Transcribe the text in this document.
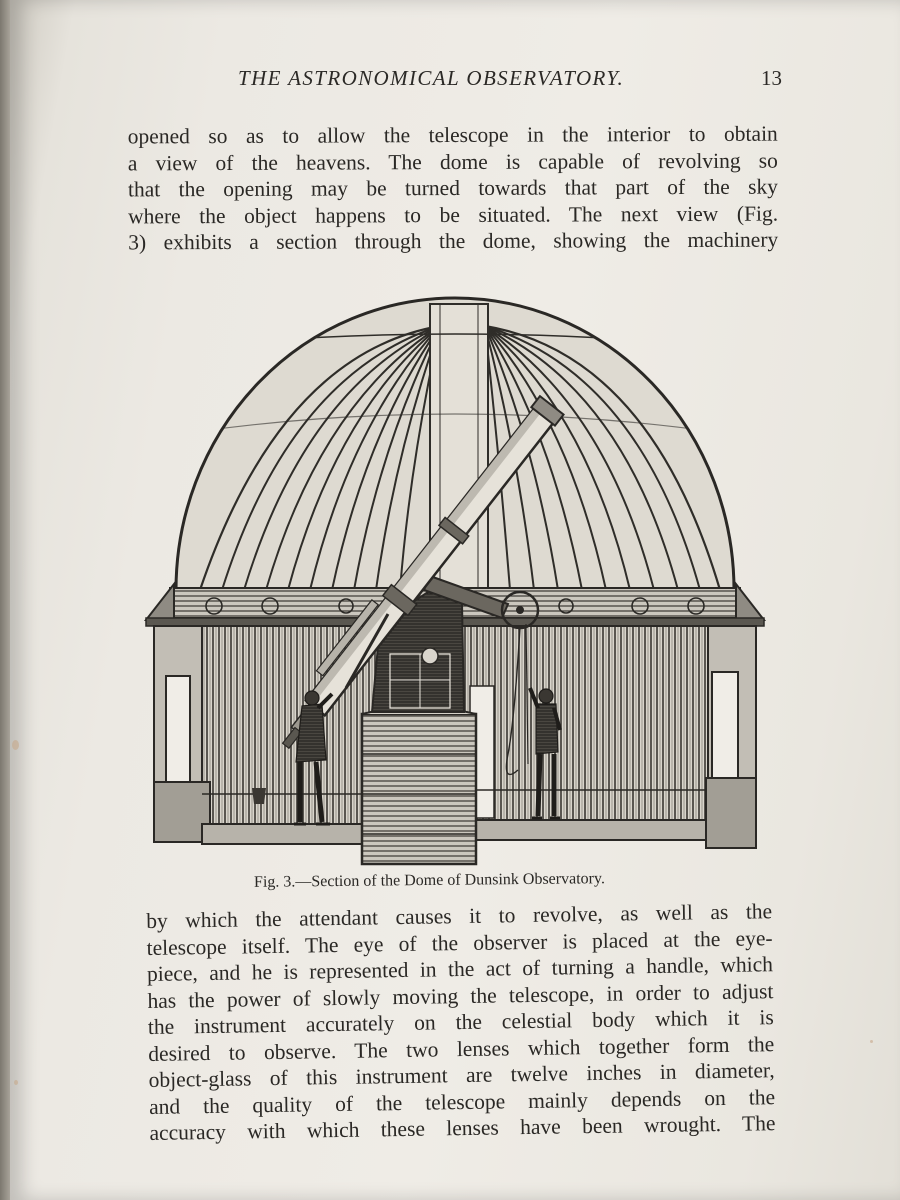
THE ASTRONOMICAL OBSERVATORY.	13
opened so as to allow the telescope in the interior to obtain
a view of the heavens. The dome is capable of revolving so
that the opening may be turned towards that part of the sky
where the object happens to be situated. The next view (Fig.
3) exhibits a section through the dome, showing the machinery
Fig. 3.—Section of the Dome of Dunsink Observatory.
by which the attendant causes it to revolve, as well as the
telescope itself. The eye of the observer is placed at the eye-
piece, and he is represented in the act of turning a handle, which
has the power of slowly moving the telescope, in order to adjust
the instrument accurately on the celestial body which it is
desired to observe. The two lenses which together form the
object-glass of this instrument are twelve inches in diameter,
and the quality of the telescope mainly depends on the
accuracy with which these lenses have been wrought. The
